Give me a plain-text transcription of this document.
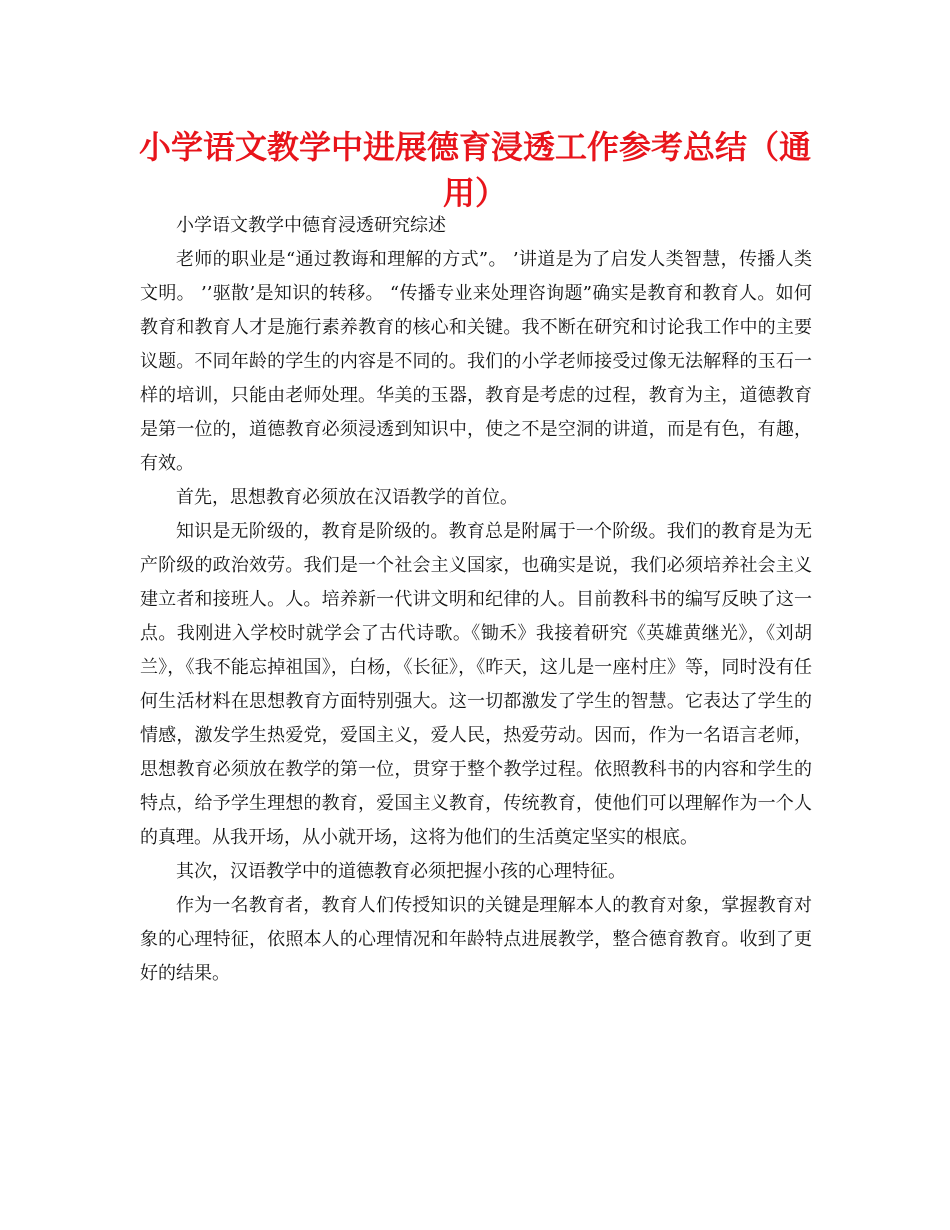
小学语文教学中进展德育浸透工作参考总结（通用）

小学语文教学中德育浸透研究综述

老师的职业是“通过教诲和理解的方式”。 ’讲道是为了启发人类智慧，传播人类文明。 ’’驱散’是知识的转移。 “传播专业来处理咨询题”确实是教育和教育人。如何教育和教育人才是施行素养教育的核心和关键。我不断在研究和讨论我工作中的主要议题。不同年龄的学生的内容是不同的。我们的小学老师接受过像无法解释的玉石一样的培训，只能由老师处理。华美的玉器，教育是考虑的过程，教育为主，道德教育是第一位的，道德教育必须浸透到知识中，使之不是空洞的讲道，而是有色，有趣，有效。

首先，思想教育必须放在汉语教学的首位。

知识是无阶级的，教育是阶级的。教育总是附属于一个阶级。我们的教育是为无产阶级的政治效劳。我们是一个社会主义国家，也确实是说，我们必须培养社会主义建立者和接班人。人。培养新一代讲文明和纪律的人。目前教科书的编写反映了这一点。我刚进入学校时就学会了古代诗歌。《锄禾》我接着研究《英雄黄继光》，《刘胡兰》，《我不能忘掉祖国》，白杨，《长征》，《昨天，这儿是一座村庄》等，同时没有任何生活材料在思想教育方面特别强大。这一切都激发了学生的智慧。它表达了学生的情感，激发学生热爱党，爱国主义，爱人民，热爱劳动。因而，作为一名语言老师，思想教育必须放在教学的第一位，贯穿于整个教学过程。依照教科书的内容和学生的特点，给予学生理想的教育，爱国主义教育，传统教育，使他们可以理解作为一个人的真理。从我开场，从小就开场，这将为他们的生活奠定坚实的根底。

其次，汉语教学中的道德教育必须把握小孩的心理特征。

作为一名教育者，教育人们传授知识的关键是理解本人的教育对象，掌握教育对象的心理特征，依照本人的心理情况和年龄特点进展教学，整合德育教育。收到了更好的结果。
